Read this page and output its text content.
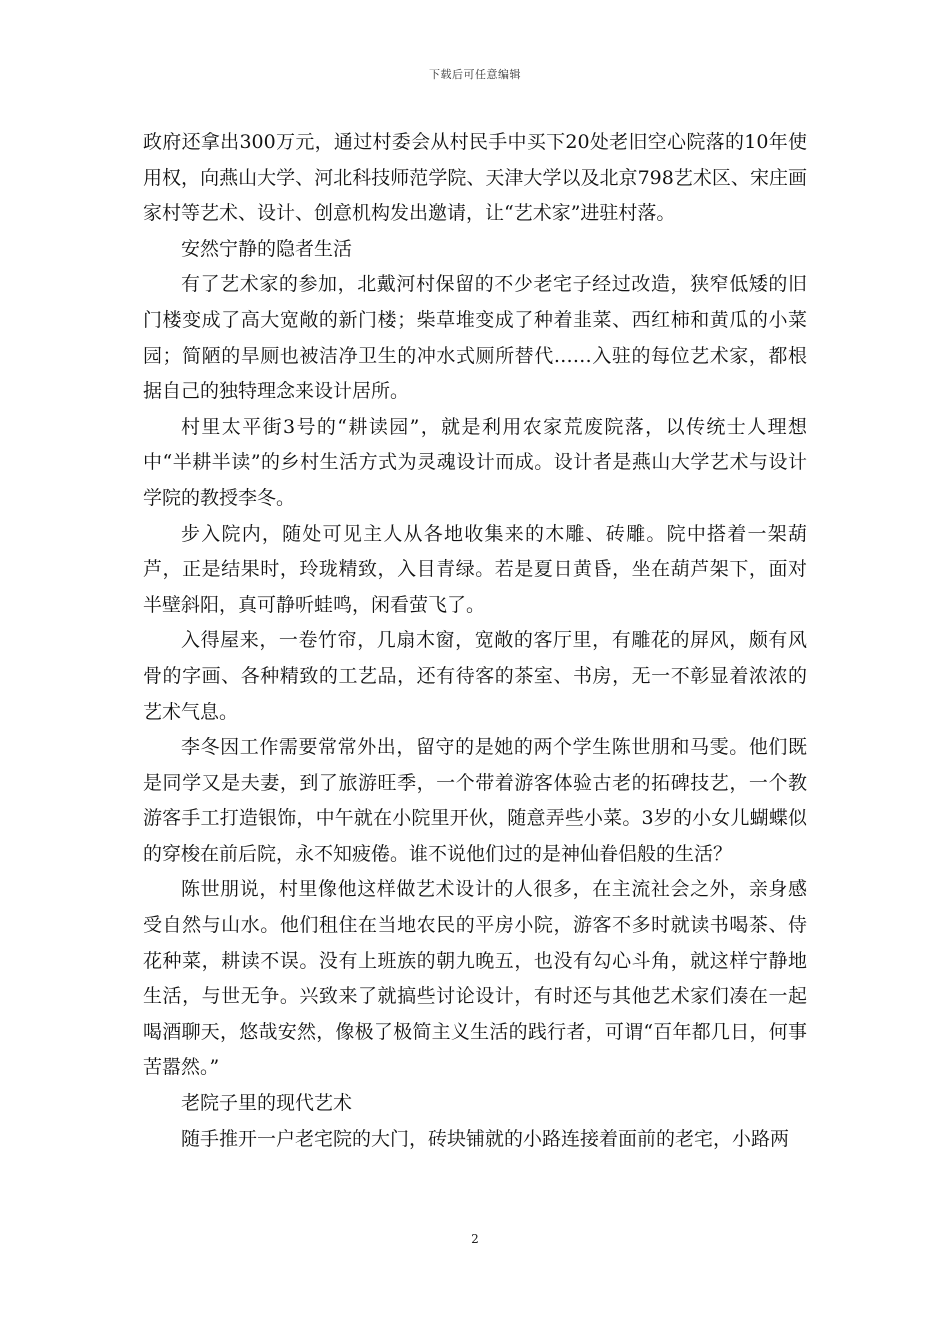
下载后可任意编辑

政府还拿出300万元，通过村委会从村民手中买下20处老旧空心院落的10年使用权，向燕山大学、河北科技师范学院、天津大学以及北京798艺术区、宋庄画家村等艺术、设计、创意机构发出邀请，让“艺术家”进驻村落。

安然宁静的隐者生活

有了艺术家的参加，北戴河村保留的不少老宅子经过改造，狭窄低矮的旧门楼变成了高大宽敞的新门楼；柴草堆变成了种着韭菜、西红柿和黄瓜的小菜园；简陋的旱厕也被洁净卫生的冲水式厕所替代……入驻的每位艺术家，都根据自己的独特理念来设计居所。

村里太平街3号的“耕读园”，就是利用农家荒废院落，以传统士人理想中“半耕半读”的乡村生活方式为灵魂设计而成。设计者是燕山大学艺术与设计学院的教授李冬。

步入院内，随处可见主人从各地收集来的木雕、砖雕。院中搭着一架葫芦，正是结果时，玲珑精致，入目青绿。若是夏日黄昏，坐在葫芦架下，面对半壁斜阳，真可静听蛙鸣，闲看萤飞了。

入得屋来，一卷竹帘，几扇木窗，宽敞的客厅里，有雕花的屏风，颇有风骨的字画、各种精致的工艺品，还有待客的茶室、书房，无一不彰显着浓浓的艺术气息。

李冬因工作需要常常外出，留守的是她的两个学生陈世朋和马雯。他们既是同学又是夫妻，到了旅游旺季，一个带着游客体验古老的拓碑技艺，一个教游客手工打造银饰，中午就在小院里开伙，随意弄些小菜。3岁的小女儿蝴蝶似的穿梭在前后院，永不知疲倦。谁不说他们过的是神仙眷侣般的生活？

陈世朋说，村里像他这样做艺术设计的人很多，在主流社会之外，亲身感受自然与山水。他们租住在当地农民的平房小院，游客不多时就读书喝茶、侍花种菜，耕读不误。没有上班族的朝九晚五，也没有勾心斗角，就这样宁静地生活，与世无争。兴致来了就搞些讨论设计，有时还与其他艺术家们凑在一起喝酒聊天，悠哉安然，像极了极简主义生活的践行者，可谓“百年都几日，何事苦嚣然。”

老院子里的现代艺术

随手推开一户老宅院的大门，砖块铺就的小路连接着面前的老宅，小路两

2
